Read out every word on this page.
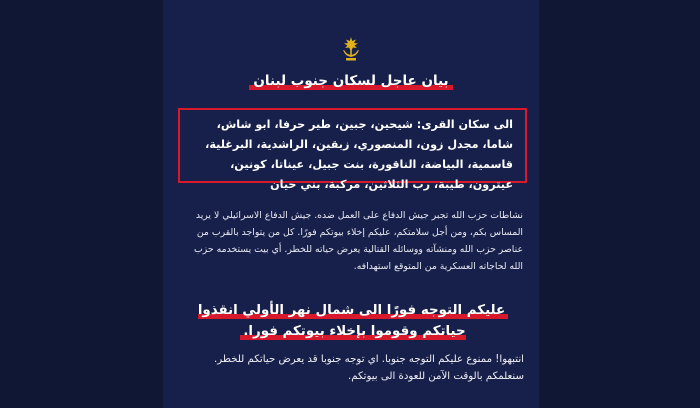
بيان عاجل لسكان جنوب لبنان
الى سكان القرى: شيحين، جبين، طير حرفا، ابو شاش، شاما، مجدل زون، المنصوري، زبقين، الراشدية، البرغلية، قاسمية، البياضة، الناقورة، بنت جبيل، عيناتا، كونين، عيترون، طيبة، رب الثلاثين، مركبة، بني حيان
نشاطات حزب الله تجبر جيش الدفاع على العمل ضده. جيش الدفاع الاسرائيلي لا يريد المساس بكم، ومن أجل سلامتكم، عليكم إخلاء بيوتكم فورًا. كل من يتواجد بالقرب من عناصر حزب الله ومنشآته ووسائله القتالية يعرض حياته للخطر. أي بيت يستخدمه حزب الله لحاجاته العسكرية من المتوقع استهدافه.
عليكم التوجه فورًا الى شمال نهر الأولي انقذوا حياتكم وقوموا بإخلاء بيوتكم فورا.
انتبهوا! ممنوع عليكم التوجه جنوبا. اي توجه جنوبا قد يعرض حياتكم للخطر.
سنعلمكم بالوقت الآمن للعودة الى بيوتكم.
